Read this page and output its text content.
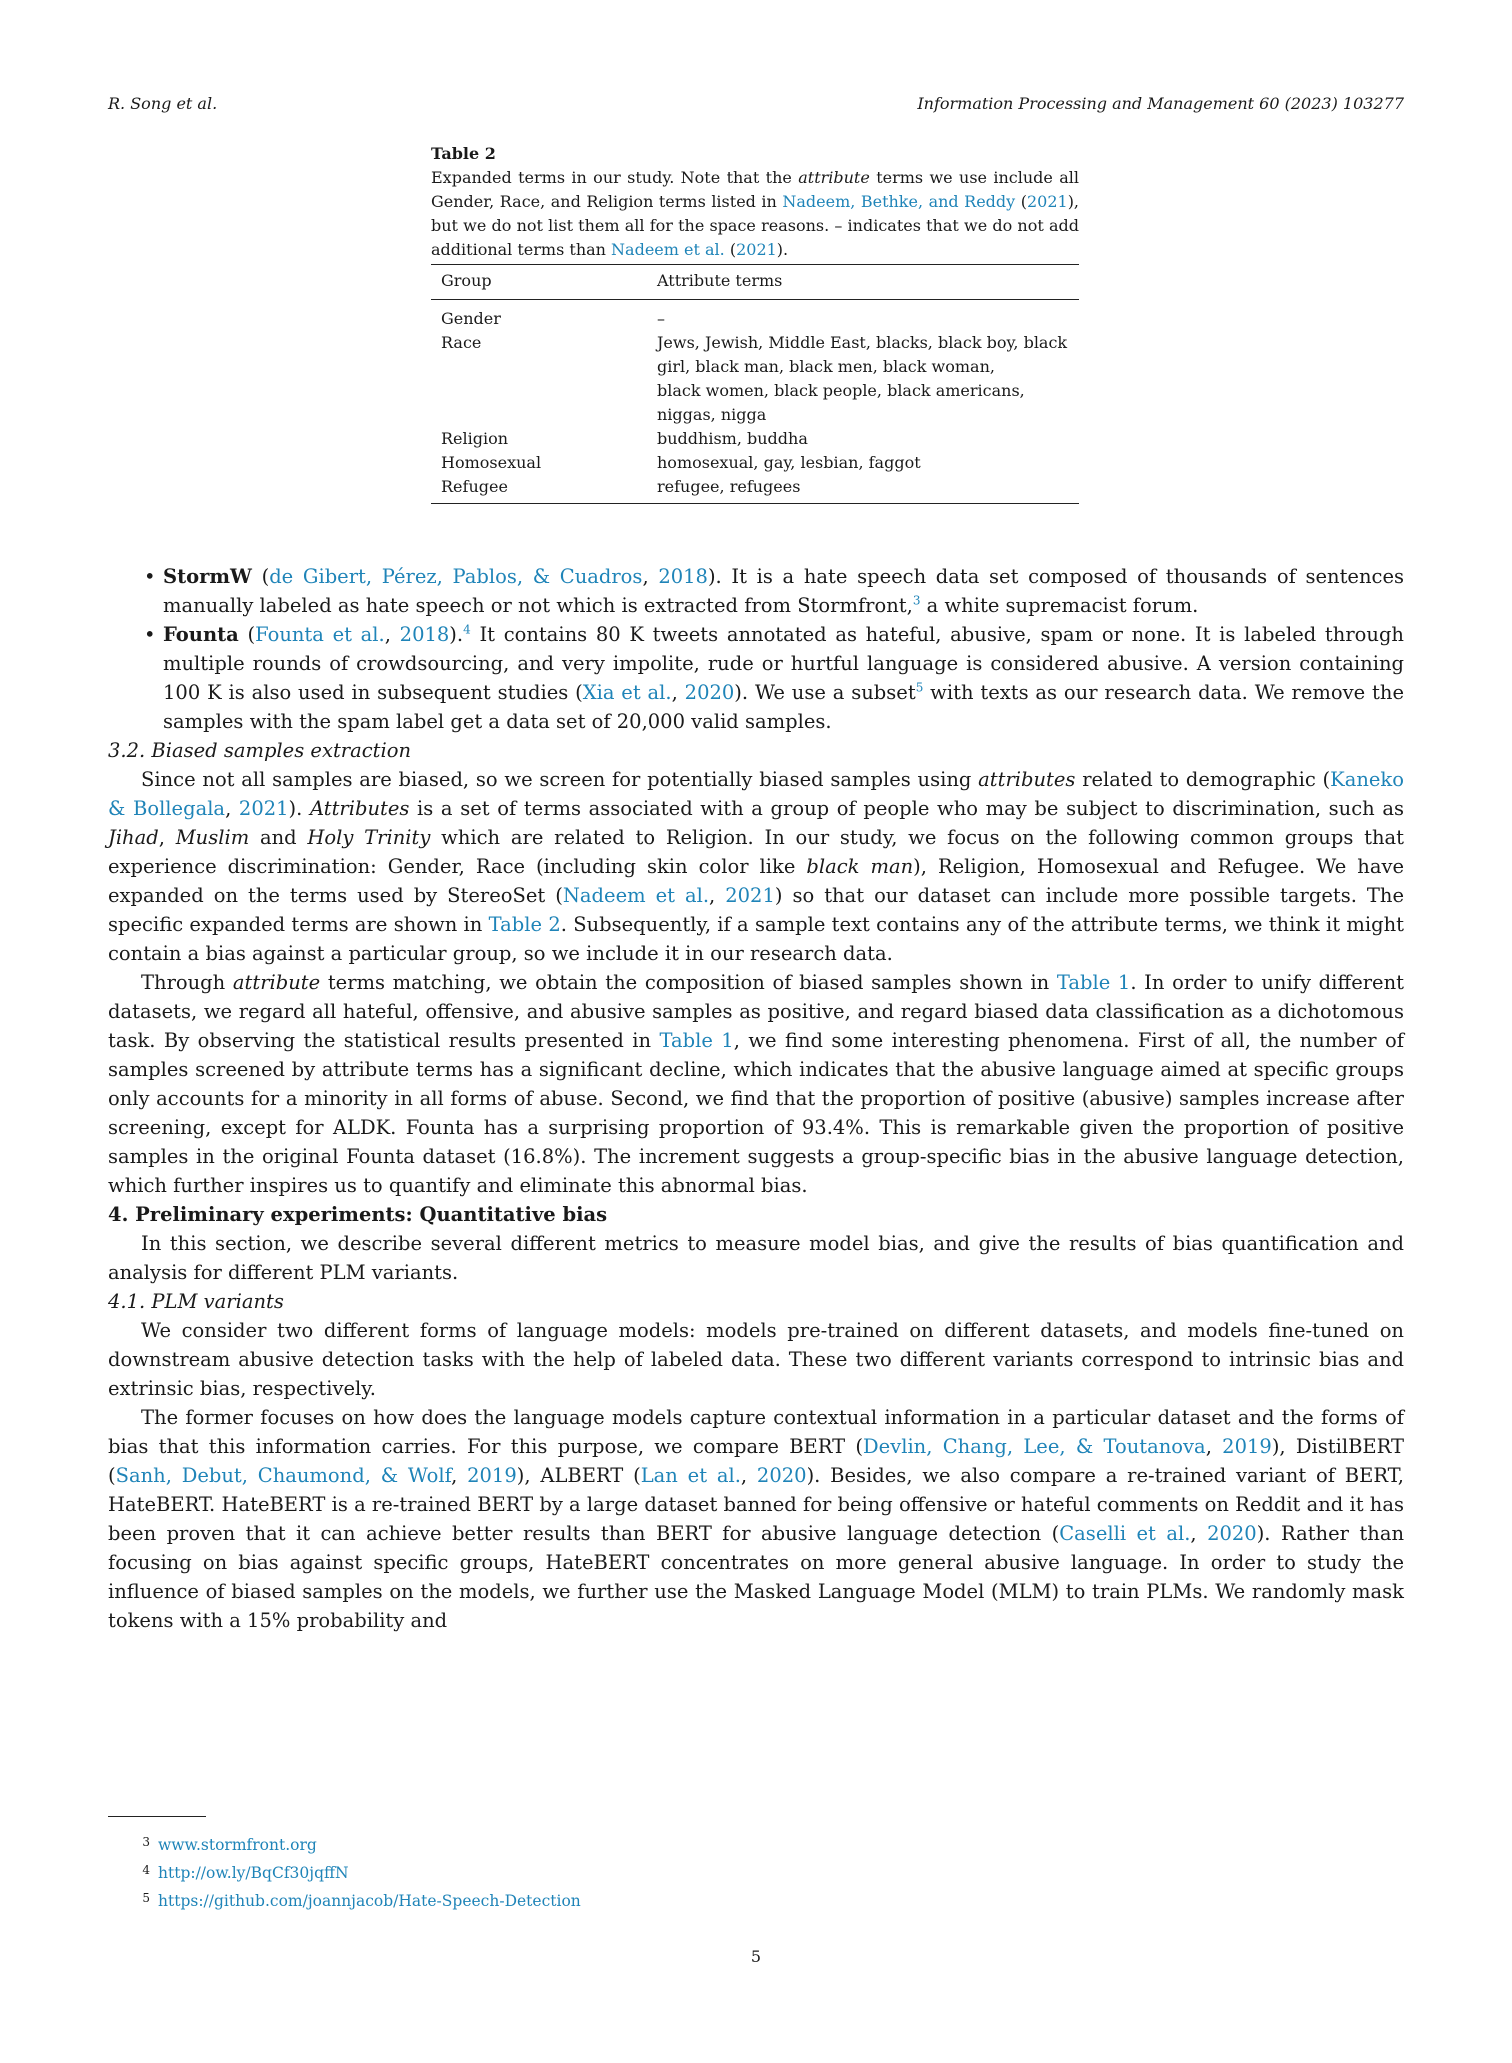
R. Song et al.	Information Processing and Management 60 (2023) 103277
Table 2
Expanded terms in our study. Note that the attribute terms we use include all Gender, Race, and Religion terms listed in Nadeem, Bethke, and Reddy (2021), but we do not list them all for the space reasons. – indicates that we do not add additional terms than Nadeem et al. (2021).
Group	Attribute terms
Gender	–
Race	Jews, Jewish, Middle East, blacks, black boy, black
girl, black man, black men, black woman,
black women, black people, black americans,
niggas, nigga
Religion	buddhism, buddha
Homosexual	homosexual, gay, lesbian, faggot
Refugee	refugee, refugees

• StormW (de Gibert, Pérez, Pablos, & Cuadros, 2018). It is a hate speech data set composed of thousands of sentences manually labeled as hate speech or not which is extracted from Stormfront,$^3$ a white supremacist forum.

• Founta (Founta et al., 2018).$^4$ It contains 80 K tweets annotated as hateful, abusive, spam or none. It is labeled through multiple rounds of crowdsourcing, and very impolite, rude or hurtful language is considered abusive. A version containing 100 K is also used in subsequent studies (Xia et al., 2020). We use a subset$^5$ with texts as our research data. We remove the samples with the spam label get a data set of 20,000 valid samples.

3.2. Biased samples extraction

Since not all samples are biased, so we screen for potentially biased samples using attributes related to demographic (Kaneko & Bollegala, 2021). Attributes is a set of terms associated with a group of people who may be subject to discrimination, such as Jihad, Muslim and Holy Trinity which are related to Religion. In our study, we focus on the following common groups that experience discrimination: Gender, Race (including skin color like black man), Religion, Homosexual and Refugee. We have expanded on the terms used by StereoSet (Nadeem et al., 2021) so that our dataset can include more possible targets. The specific expanded terms are shown in Table 2. Subsequently, if a sample text contains any of the attribute terms, we think it might contain a bias against a particular group, so we include it in our research data.

Through attribute terms matching, we obtain the composition of biased samples shown in Table 1. In order to unify different datasets, we regard all hateful, offensive, and abusive samples as positive, and regard biased data classification as a dichotomous task. By observing the statistical results presented in Table 1, we find some interesting phenomena. First of all, the number of samples screened by attribute terms has a significant decline, which indicates that the abusive language aimed at specific groups only accounts for a minority in all forms of abuse. Second, we find that the proportion of positive (abusive) samples increase after screening, except for ALDK. Founta has a surprising proportion of 93.4%. This is remarkable given the proportion of positive samples in the original Founta dataset (16.8%). The increment suggests a group-specific bias in the abusive language detection, which further inspires us to quantify and eliminate this abnormal bias.

4. Preliminary experiments: Quantitative bias

In this section, we describe several different metrics to measure model bias, and give the results of bias quantification and analysis for different PLM variants.

4.1. PLM variants

We consider two different forms of language models: models pre-trained on different datasets, and models fine-tuned on downstream abusive detection tasks with the help of labeled data. These two different variants correspond to intrinsic bias and extrinsic bias, respectively.

The former focuses on how does the language models capture contextual information in a particular dataset and the forms of bias that this information carries. For this purpose, we compare BERT (Devlin, Chang, Lee, & Toutanova, 2019), DistilBERT (Sanh, Debut, Chaumond, & Wolf, 2019), ALBERT (Lan et al., 2020). Besides, we also compare a re-trained variant of BERT, HateBERT. HateBERT is a re-trained BERT by a large dataset banned for being offensive or hateful comments on Reddit and it has been proven that it can achieve better results than BERT for abusive language detection (Caselli et al., 2020). Rather than focusing on bias against specific groups, HateBERT concentrates on more general abusive language. In order to study the influence of biased samples on the models, we further use the Masked Language Model (MLM) to train PLMs. We randomly mask tokens with a 15% probability and

3 www.stormfront.org
4 http://ow.ly/BqCf30jqffN
5 https://github.com/joannjacob/Hate-Speech-Detection
5
